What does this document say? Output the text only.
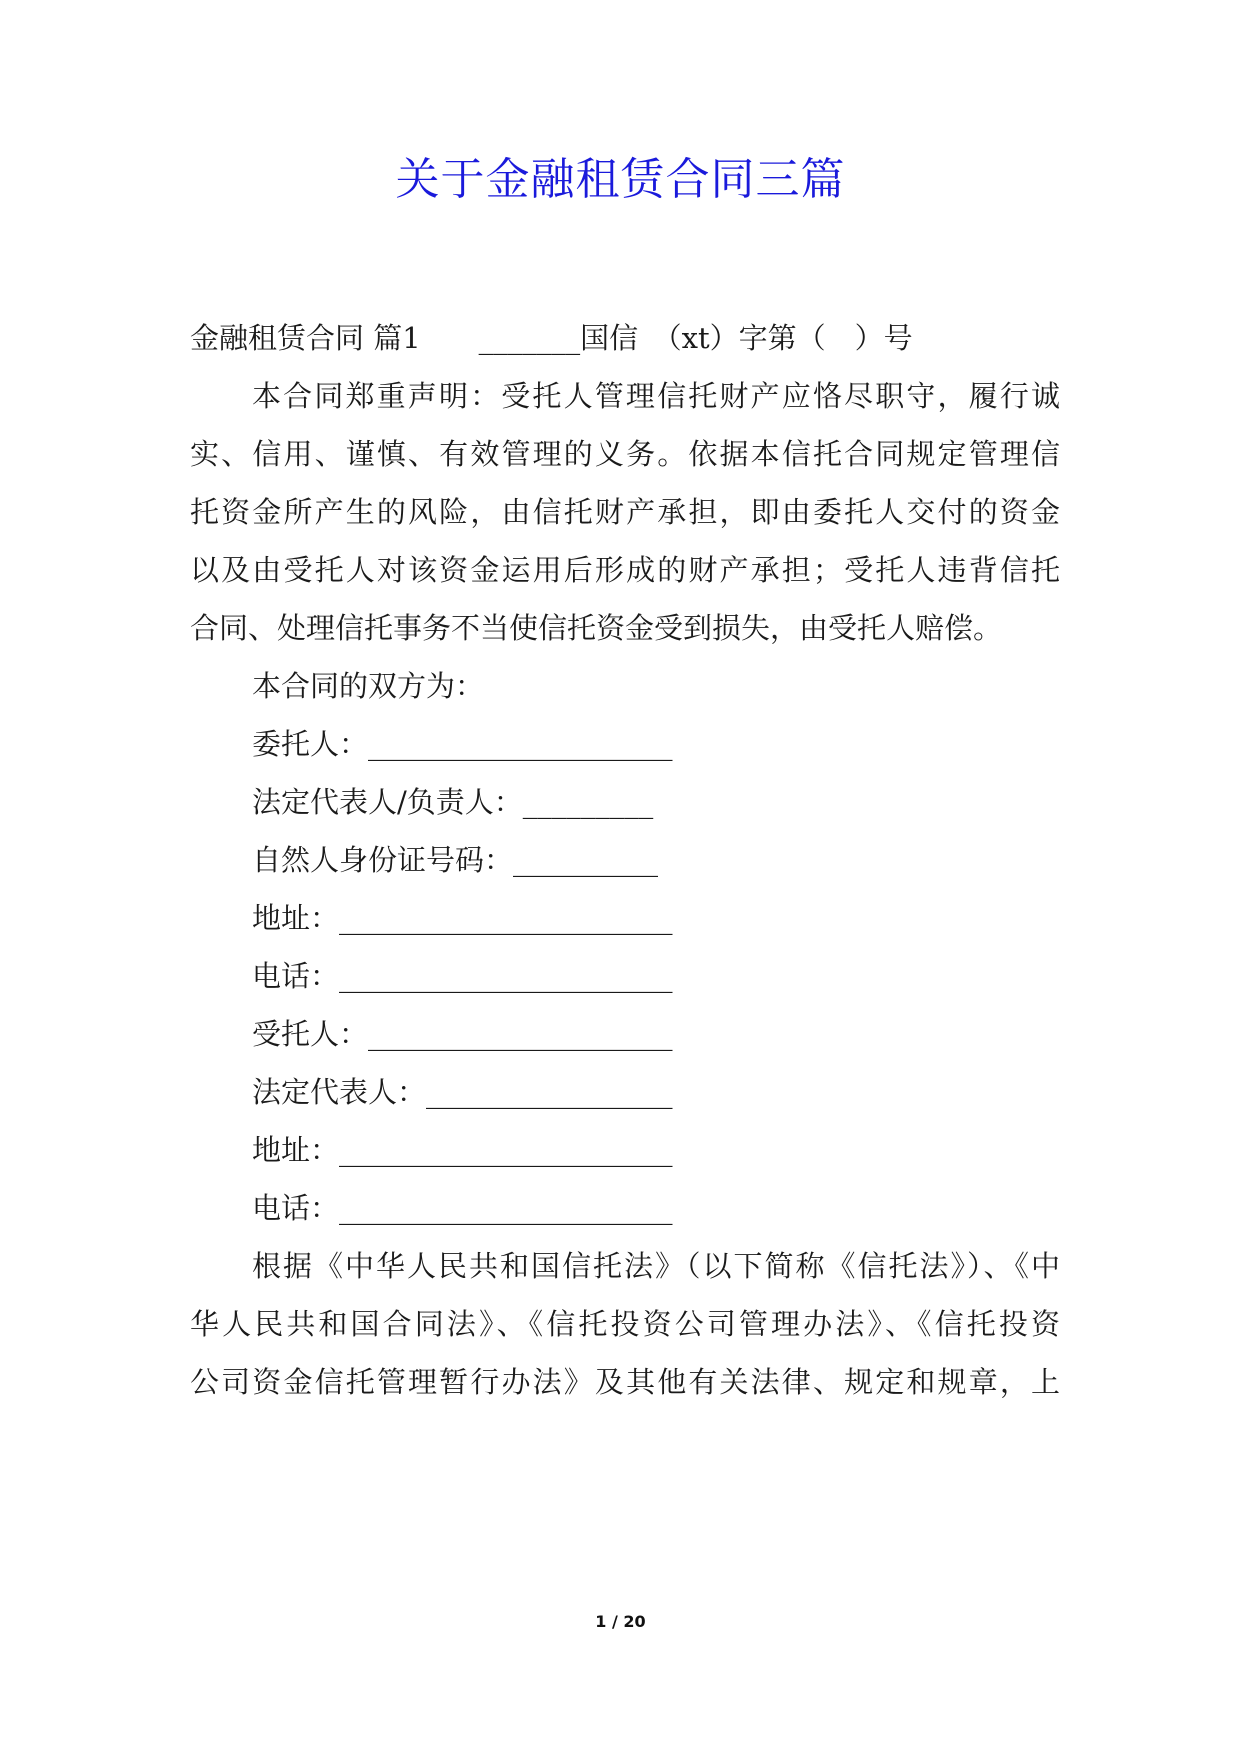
关于金融租赁合同三篇
金融租赁合同 篇1　　_______国信　（xt）字第（　）号
本合同郑重声明：受托人管理信托财产应恪尽职守，履行诚
实、信用、谨慎、有效管理的义务。依据本信托合同规定管理信
托资金所产生的风险，由信托财产承担，即由委托人交付的资金
以及由受托人对该资金运用后形成的财产承担；受托人违背信托
合同、处理信托事务不当使信托资金受到损失，由受托人赔偿。
本合同的双方为：
委托人：_____________________
法定代表人/负责人：_________
自然人身份证号码：__________
地址：_______________________
电话：_______________________
受托人：_____________________
法定代表人：_________________
地址：_______________________
电话：_______________________
根据《中华人民共和国信托法》（以下简称《信托法》）、《中
华人民共和国合同法》、《信托投资公司管理办法》、《信托投资
公司资金信托管理暂行办法》及其他有关法律、规定和规章，上
1 / 20
